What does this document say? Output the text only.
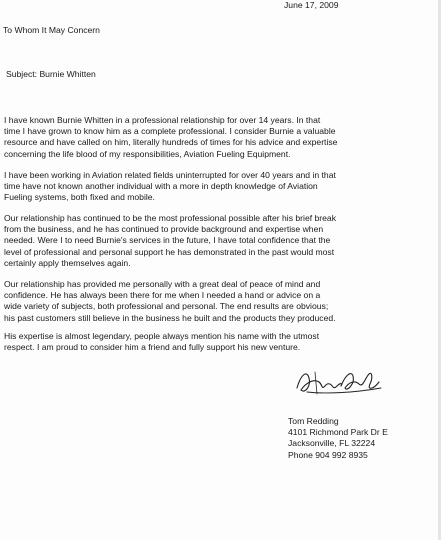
June 17, 2009

To Whom It May Concern

Subject: Burnie Whitten

I have known Burnie Whitten in a professional relationship for over 14 years. In that

time I have grown to know him as a complete professional. I consider Burnie a valuable

resource and have called on him, literally hundreds of times for his advice and expertise

concerning the life blood of my responsibilities, Aviation Fueling Equipment.

I have been working in Aviation related fields uninterrupted for over 40 years and in that

time have not known another individual with a more in depth knowledge of Aviation

Fueling systems, both fixed and mobile.

Our relationship has continued to be the most professional possible after his brief break

from the business, and he has continued to provide background and expertise when

needed. Were I to need Burnie's services in the future, I have total confidence that the

level of professional and personal support he has demonstrated in the past would most

certainly apply themselves again.

Our relationship has provided me personally with a great deal of peace of mind and

confidence. He has always been there for me when I needed a hand or advice on a

wide variety of subjects, both professional and personal. The end results are obvious;

his past customers still believe in the business he built and the products they produced.

His expertise is almost legendary, people always mention his name with the utmost

respect. I am proud to consider him a friend and fully support his new venture.

Tom Redding

4101 Richmond Park Dr E

Jacksonville, FL 32224

Phone 904 992 8935
